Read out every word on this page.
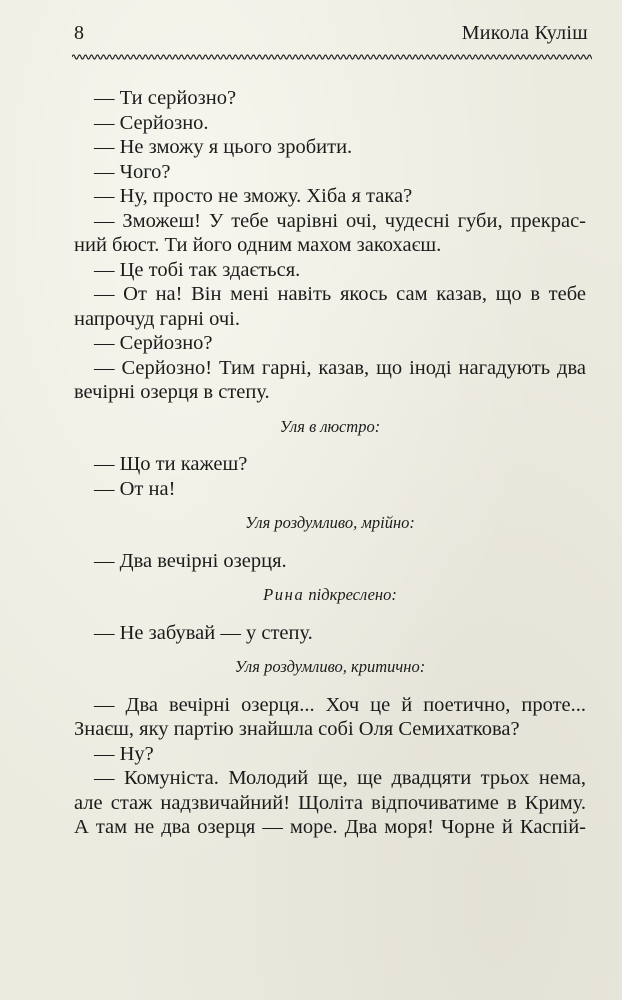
8	Микола Куліш
— Ти серйозно?
— Серйозно.
— Не зможу я цього зробити.
— Чого?
— Ну, просто не зможу. Хіба я така?
— Зможеш! У тебе чарівні очі, чудесні губи, прекрас-
ний бюст. Ти його одним махом закохаєш.
— Це тобі так здається.
— От на! Він мені навіть якось сам казав, що в тебе
напрочуд гарні очі.
— Серйозно?
— Серйозно! Тим гарні, казав, що іноді нагадують два
вечірні озерця в степу.
Уля в люстро:
— Що ти кажеш?
— От на!
Уля роздумливо, мрійно:
— Два вечірні озерця.
Рина підкреслено:
— Не забувай — у степу.
Уля роздумливо, критично:
— Два вечірні озерця... Хоч це й поетично, проте...
Знаєш, яку партію знайшла собі Оля Семихаткова?
— Ну?
— Комуніста. Молодий ще, ще двадцяти трьох нема,
але стаж надзвичайний! Щоліта відпочиватиме в Криму.
А там не два озерця — море. Два моря! Чорне й Каспій-
